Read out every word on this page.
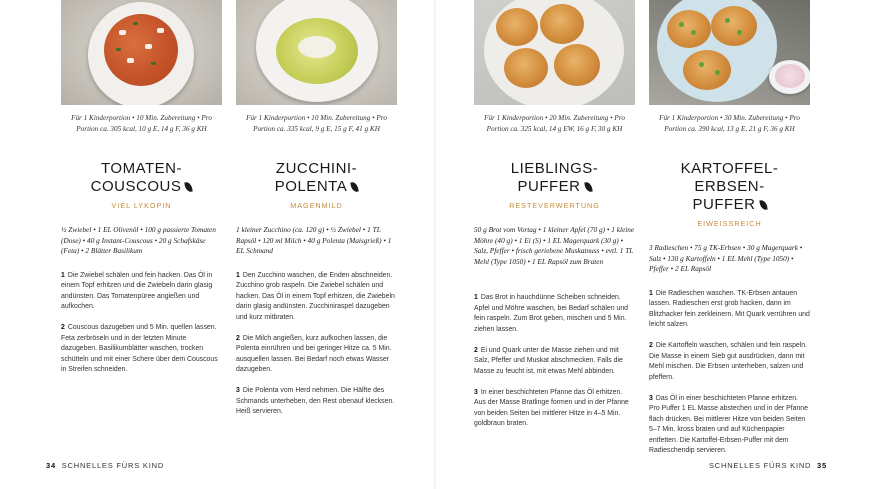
Für 1 Kinderportion • 10 Min. Zubereitung • Pro Portion ca. 305 kcal, 10 g E, 14 g F, 36 g KH
TOMATEN-
COUSCOUS
VIEL LYKOPIN
½ Zwiebel • 1 EL Olivenöl • 100 g passierte Tomaten (Dose) • 40 g Instant-Couscous • 20 g Schafskäse (Feta) • 2 Blätter Basilikum

1 Die Zwiebel schälen und fein hacken. Das Öl in einem Topf erhitzen und die Zwiebeln darin glasig andünsten. Das Tomatenpüree angießen und aufkochen.

2 Couscous dazugeben und 5 Min. quellen lassen. Feta zerbröseln und in der letzten Minute dazugeben. Basilikumblätter waschen, trocken schütteln und mit einer Schere über dem Couscous in Streifen schneiden.

Für 1 Kinderportion • 10 Min. Zubereitung • Pro Portion ca. 335 kcal, 9 g E, 15 g F, 41 g KH
ZUCCHINI-
POLENTA
MAGENMILD
1 kleiner Zucchino (ca. 120 g) • ½ Zwiebel • 1 TL Rapsöl • 120 ml Milch • 40 g Polenta (Maisgrieß) • 1 EL Schmand

1 Den Zucchino waschen, die Enden abschneiden. Zucchino grob raspeln. Die Zwiebel schälen und hacken. Das Öl in einem Topf erhitzen, die Zwiebeln darin glasig andünsten. Zucchiniraspel dazugeben und kurz mitbraten.

2 Die Milch angießen, kurz aufkochen lassen, die Polenta einrühren und bei geringer Hitze ca. 5 Min. ausquellen lassen. Bei Bedarf noch etwas Wasser dazugeben.

3 Die Polenta vom Herd nehmen. Die Hälfte des Schmands unterheben, den Rest obenauf klecksen. Heiß servieren.

Für 1 Kinderportion • 20 Min. Zubereitung • Pro Portion ca. 325 kcal, 14 g EW, 16 g F, 30 g KH
LIEBLINGS-
PUFFER
RESTEVERWERTUNG
50 g Brot vom Vortag • 1 kleiner Apfel (70 g) • 1 kleine Möhre (40 g) • 1 Ei (S) • 1 EL Magerquark (30 g) • Salz, Pfeffer • frisch geriebene Muskatnuss • evtl. 1 TL Mehl (Type 1050) • 1 EL Rapsöl zum Braten

1 Das Brot in hauchdünne Scheiben schneiden. Apfel und Möhre waschen, bei Bedarf schälen und fein raspeln. Zum Brot geben, mischen und 5 Min. ziehen lassen.

2 Ei und Quark unter die Masse ziehen und mit Salz, Pfeffer und Muskat abschmecken. Falls die Masse zu feucht ist, mit etwas Mehl abbinden.

3 In einer beschichteten Pfanne das Öl erhitzen. Aus der Masse Bratlinge formen und in der Pfanne von beiden Seiten bei mittlerer Hitze in 4–5 Min. goldbraun braten.

Für 1 Kinderportion • 30 Min. Zubereitung • Pro Portion ca. 390 kcal, 13 g E, 21 g F, 36 g KH
KARTOFFEL-ERBSEN-
PUFFER
EIWEISSREICH
3 Radieschen • 75 g TK-Erbsen • 30 g Magerquark • Salz • 130 g Kartoffeln • 1 EL Mehl (Type 1050) • Pfeffer • 2 EL Rapsöl

1 Die Radieschen waschen. TK-Erbsen antauen lassen. Radieschen erst grob hacken, dann im Blitzhacker fein zerkleinern. Mit Quark verrühren und leicht salzen.

2 Die Kartoffeln waschen, schälen und fein raspeln. Die Masse in einem Sieb gut ausdrücken, dann mit Mehl mischen. Die Erbsen unterheben, salzen und pfeffern.

3 Das Öl in einer beschichteten Pfanne erhitzen. Pro Puffer 1 EL Masse abstechen und in der Pfanne flach drücken. Bei mittlerer Hitze von beiden Seiten 5–7 Min. kross braten und auf Küchenpapier entfetten. Die Kartoffel-Erbsen-Puffer mit dem Radieschendip servieren.

34 SCHNELLES FÜRS KIND	SCHNELLES FÜRS KIND 35
